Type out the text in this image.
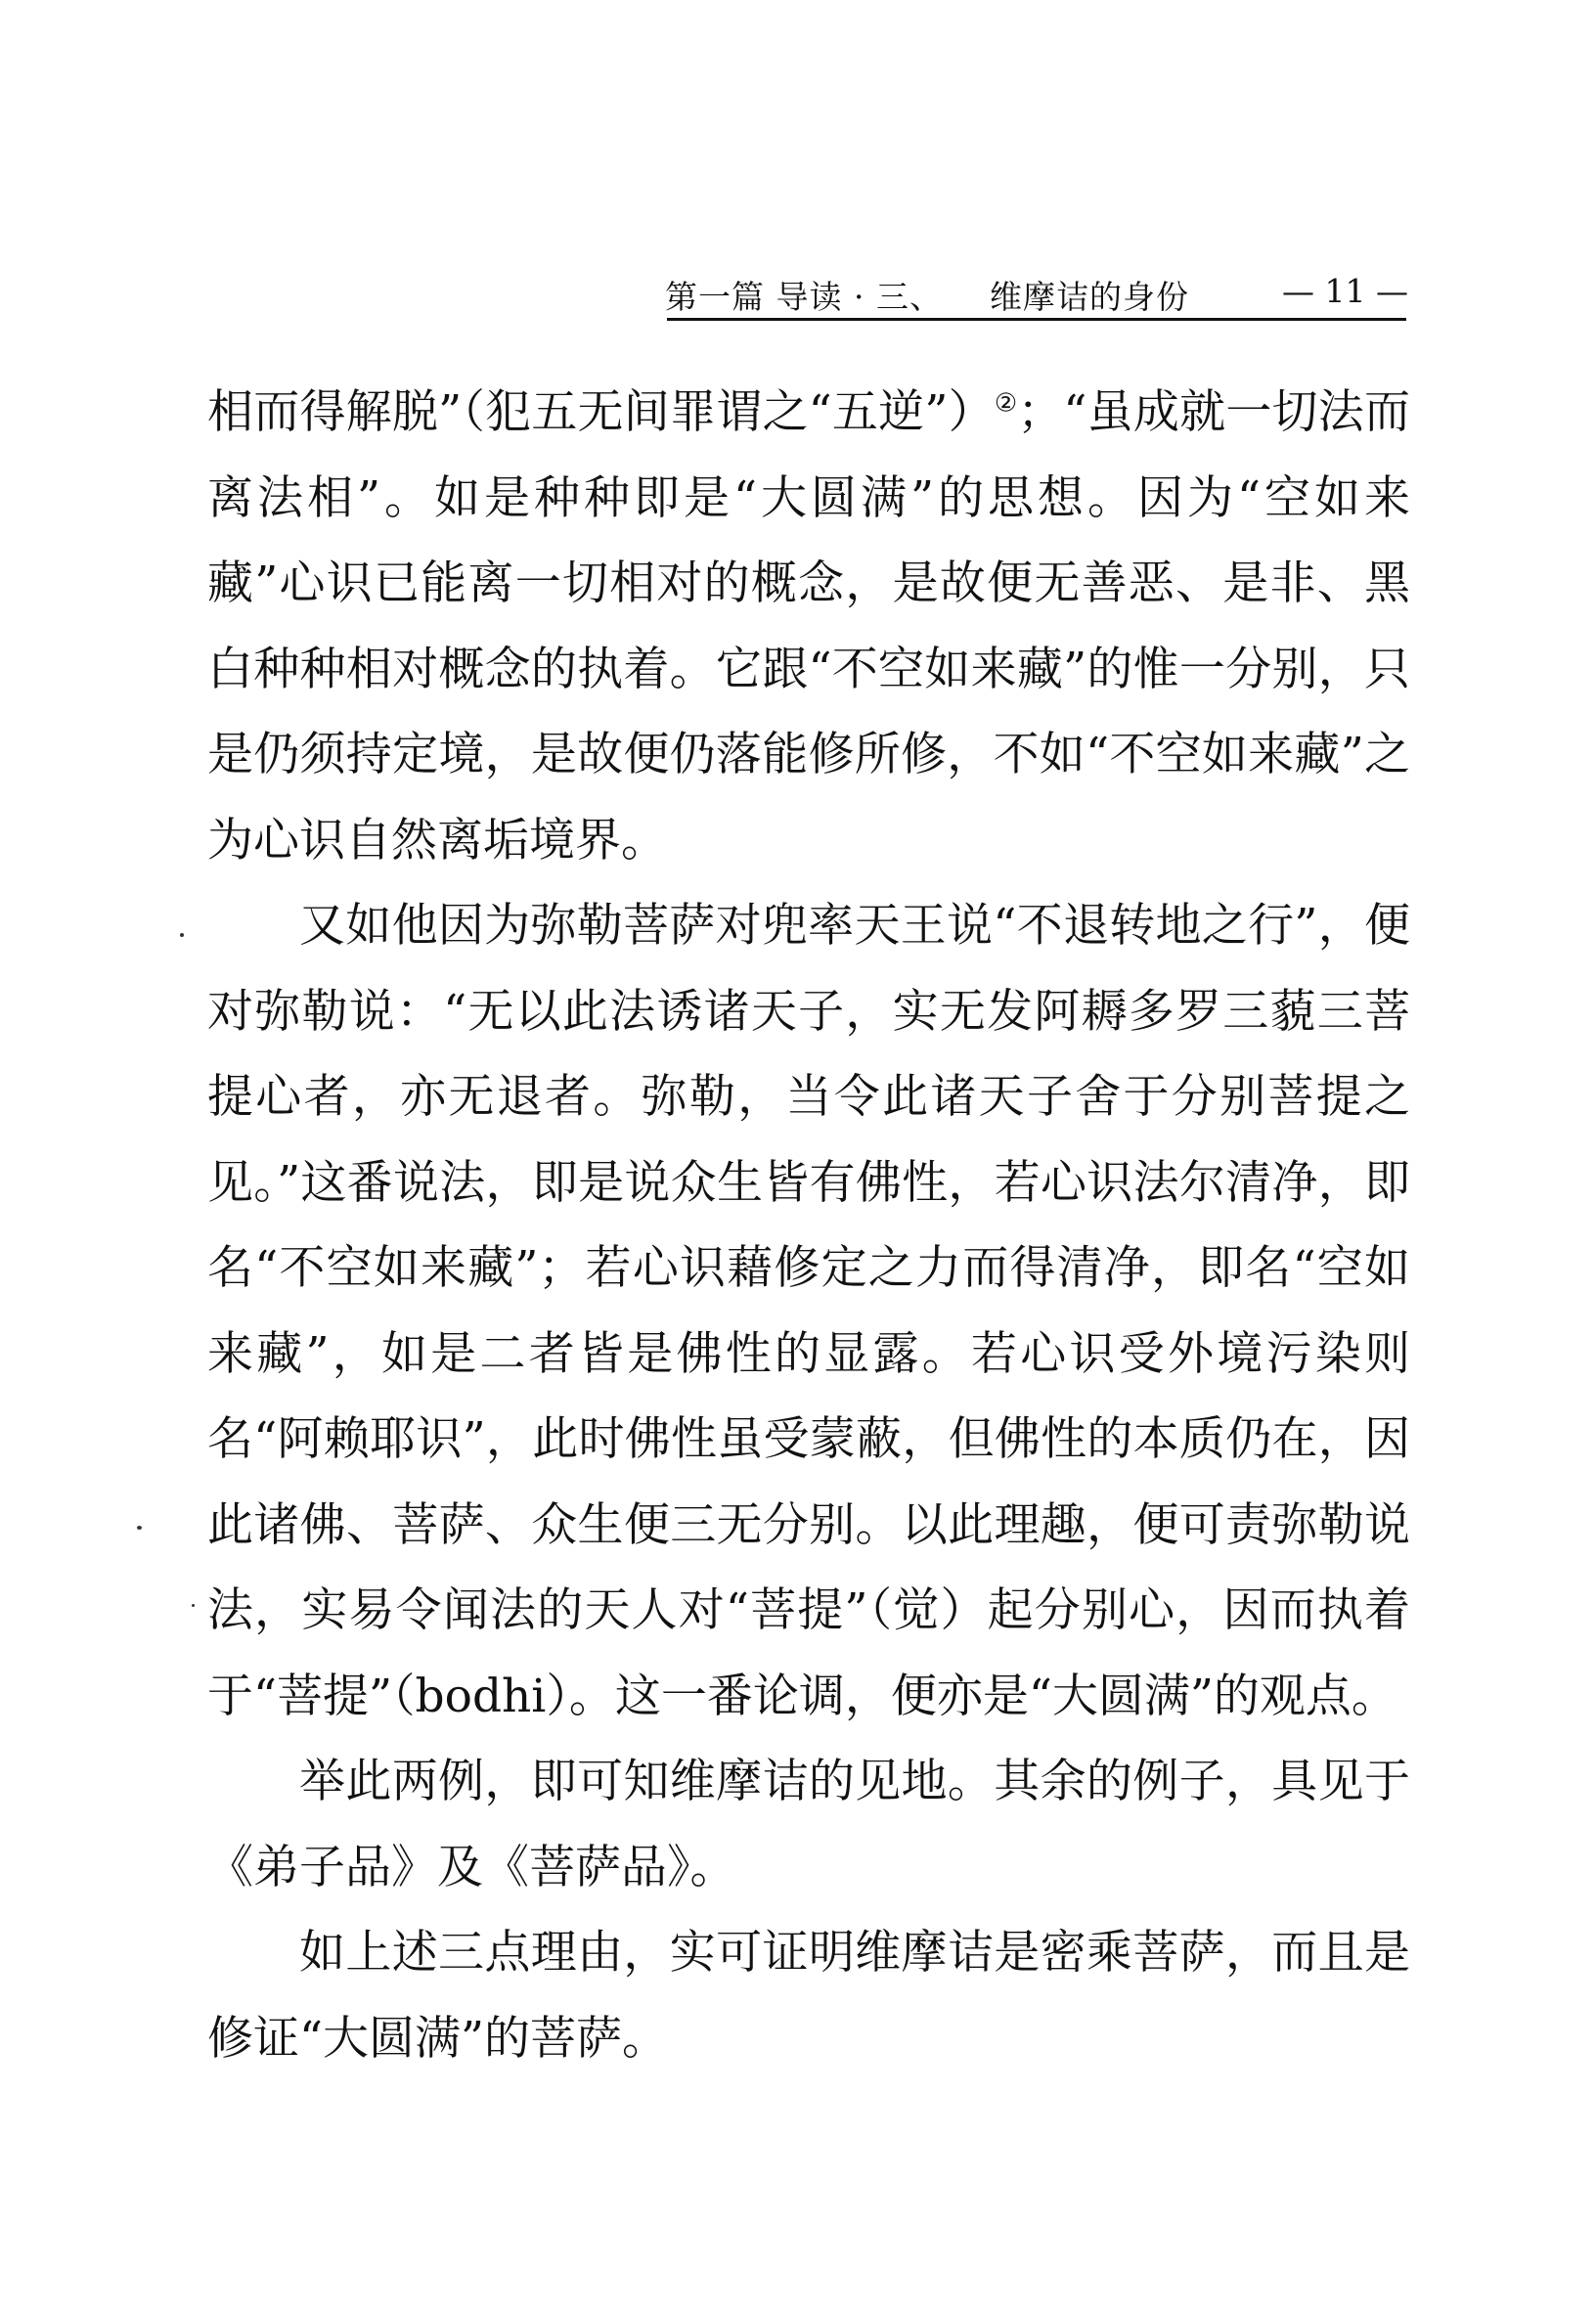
第一篇 导读 · 三、 维摩诘的身份	— 11 —

相而得解脱”（犯五无间罪谓之“五逆”）②；“虽成就一切法而离法相”。如是种种即是“大圆满”的思想。因为“空如来藏”心识已能离一切相对的概念，是故便无善恶、是非、黑白种种相对概念的执着。它跟“不空如来藏”的惟一分别，只是仍须持定境，是故便仍落能修所修，不如“不空如来藏”之为心识自然离垢境界。

又如他因为弥勒菩萨对兜率天王说“不退转地之行”，便对弥勒说：“无以此法诱诸天子，实无发阿耨多罗三藐三菩提心者，亦无退者。弥勒，当令此诸天子舍于分别菩提之见。”这番说法，即是说众生皆有佛性，若心识法尔清净，即名“不空如来藏”；若心识藉修定之力而得清净，即名“空如来藏”，如是二者皆是佛性的显露。若心识受外境污染则名“阿赖耶识”，此时佛性虽受蒙蔽，但佛性的本质仍在，因此诸佛、菩萨、众生便三无分别。以此理趣，便可责弥勒说法，实易令闻法的天人对“菩提”（觉）起分别心，因而执着于“菩提”（bodhi）。这一番论调，便亦是“大圆满”的观点。

举此两例，即可知维摩诘的见地。其余的例子，具见于《弟子品》及《菩萨品》。

如上述三点理由，实可证明维摩诘是密乘菩萨，而且是修证“大圆满”的菩萨。
